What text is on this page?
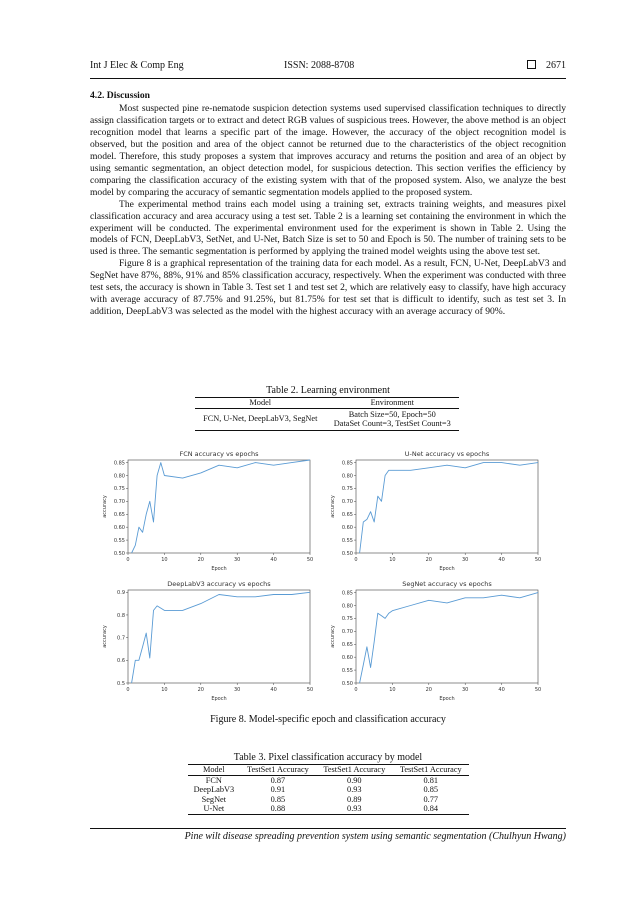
Int J Elec & Comp Eng	ISSN: 2088-8708	2671
4.2. Discussion

Most suspected pine re-nematode suspicion detection systems used supervised classification techniques to directly assign classification targets or to extract and detect RGB values of suspicious trees. However, the above method is an object recognition model that learns a specific part of the image. However, the accuracy of the object recognition model is observed, but the position and area of the object cannot be returned due to the characteristics of the object recognition model. Therefore, this study proposes a system that improves accuracy and returns the position and area of an object by using semantic segmentation, an object detection model, for suspicious detection. This section verifies the efficiency by comparing the classification accuracy of the existing system with that of the proposed system. Also, we analyze the best model by comparing the accuracy of semantic segmentation models applied to the proposed system.

The experimental method trains each model using a training set, extracts training weights, and measures pixel classification accuracy and area accuracy using a test set. Table 2 is a learning set containing the environment in which the experiment will be conducted. The experimental environment used for the experiment is shown in Table 2. Using the models of FCN, DeepLabV3, SetNet, and U-Net, Batch Size is set to 50 and Epoch is 50. The number of training sets to be used is three. The semantic segmentation is performed by applying the trained model weights using the above test set.

Figure 8 is a graphical representation of the training data for each model. As a result, FCN, U-Net, DeepLabV3 and SegNet have 87%, 88%, 91% and 85% classification accuracy, respectively. When the experiment was conducted with three test sets, the accuracy is shown in Table 3. Test set 1 and test set 2, which are relatively easy to classify, have high accuracy with average accuracy of 87.75% and 91.25%, but 81.75% for test set that is difficult to identify, such as test set 3. In addition, DeepLabV3 was selected as the model with the highest accuracy with an average accuracy of 90%.

Table 2. Learning environment
Model	Environment
FCN, U-Net, DeepLabV3, SegNet	Batch Size=50, Epoch=50
DataSet Count=3, TestSet Count=3
FCN accuracy vs epochs
0	10	20	30	40	50
0.50
0.55
0.60
0.65
0.70
0.75
0.80
0.85
Epoch
accuracy
U-Net accuracy vs epochs
0	10	20	30	40	50
0.50
0.55
0.60
0.65
0.70
0.75
0.80
0.85
Epoch
accuracy
DeepLabV3 accuracy vs epochs
0	10	20	30	40	50
0.5
0.6
0.7
0.8
0.9
Epoch
accuracy
SegNet accuracy vs epochs
0	10	20	30	40	50
0.50
0.55
0.60
0.65
0.70
0.75
0.80
0.85
Epoch
accuracy
Figure 8. Model-specific epoch and classification accuracy
Table 3. Pixel classification accuracy by model
Model	TestSet1 Accuracy	TestSet1 Accuracy	TestSet1 Accuracy
FCN	0.87	0.90	0.81
DeepLabV3	0.91	0.93	0.85
SegNet	0.85	0.89	0.77
U-Net	0.88	0.93	0.84
Pine wilt disease spreading prevention system using semantic segmentation (Chulhyun Hwang)
